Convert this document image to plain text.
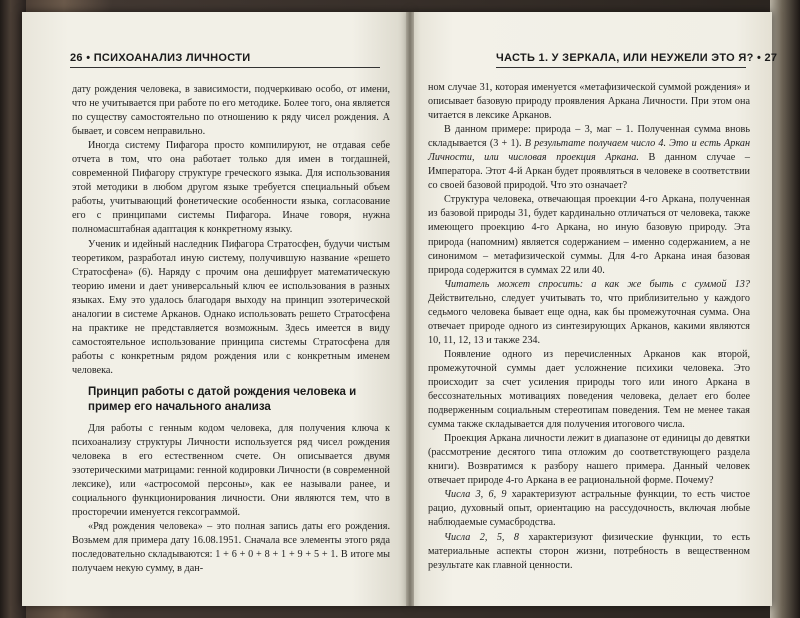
26 • ПСИХОАНАЛИЗ ЛИЧНОСТИ	ЧАСТЬ 1. У ЗЕРКАЛА, ИЛИ НЕУЖЕЛИ ЭТО Я? • 27

дату рождения человека, в зависимости, подчеркиваю особо, от имени, что не учитывается при работе по его методике. Более того, она является по существу самостоятельно по отношению к ряду чисел рождения. А бывает, и совсем неправильно.

Иногда систему Пифагора просто компилируют, не отдавая себе отчета в том, что она работает только для имен в тогдашней, современной Пифагору структуре греческого языка. Для использования этой методики в любом другом языке требуется специальный объем работы, учитывающий фонетические особенности языка, согласование его с принципами системы Пифагора. Иначе говоря, нужна полномасштабная адаптация к конкретному языку.

Ученик и идейный наследник Пифагора Стратосфен, будучи чистым теоретиком, разработал иную систему, получившую название «решето Стратосфена» (6). Наряду с прочим она дешифрует математическую теорию имени и дает универсальный ключ ее использования в разных языках. Ему это удалось благодаря выходу на принцип эзотерической аналогии в системе Арканов. Однако использовать решето Стратосфена на практике не представляется возможным. Здесь имеется в виду самостоятельное использование принципа системы Стратосфена для работы с конкретным рядом рождения или с конкретным именем человека.

Принцип работы с датой рождения человека и пример его начального анализа

Для работы с генным кодом человека, для получения ключа к психоанализу структуры Личности используется ряд чисел рождения человека в его естественном счете. Он описывается двумя эзотерическими матрицами: генной кодировки Личности (в современной лексике), или «астросомой персоны», как ее называли ранее, и социального функционирования личности. Они являются тем, что в просторечии именуется гексограммой.

«Ряд рождения человека» – это полная запись даты его рождения. Возьмем для примера дату 16.08.1951. Сначала все элементы этого ряда последовательно складываются: 1 + 6 + 0 + 8 + 1 + 9 + 5 + 1. В итоге мы получаем некую сумму, в дан-

ном случае 31, которая именуется «метафизической суммой рождения» и описывает базовую природу проявления Аркана Личности. При этом она читается в лексике Арканов.

В данном примере: природа – 3, маг – 1. Полученная сумма вновь складывается (3 + 1). В результате получаем число 4. Это и есть Аркан Личности, или числовая проекция Аркана. В данном случае – Императора. Этот 4-й Аркан будет проявляться в человеке в соответствии со своей базовой природой. Что это означает?

Структура человека, отвечающая проекции 4-го Аркана, полученная из базовой природы 31, будет кардинально отличаться от человека, также имеющего проекцию 4-го Аркана, но иную базовую природу. Эта природа (напомним) является содержанием – именно содержанием, а не синонимом – метафизической суммы. Для 4-го Аркана иная базовая природа содержится в суммах 22 или 40.

Читатель может спросить: а как же быть с суммой 13? Действительно, следует учитывать то, что приблизительно у каждого седьмого человека бывает еще одна, как бы промежуточная сумма. Она отвечает природе одного из синтезирующих Арканов, какими являются 10, 11, 12, 13 и также 234.

Появление одного из перечисленных Арканов как второй, промежуточной суммы дает усложнение психики человека. Это происходит за счет усиления природы того или иного Аркана в бессознательных мотивациях поведения человека, делает его более подверженным социальным стереотипам поведения. Тем не менее такая сумма также складывается для получения итогового числа.

Проекция Аркана личности лежит в диапазоне от единицы до девятки (рассмотрение десятого типа отложим до соответствующего раздела книги). Возвратимся к разбору нашего примера. Данный человек отвечает природе 4-го Аркана в ее рациональной форме. Почему?

Числа 3, 6, 9 характеризуют астральные функции, то есть чистое рацио, духовный опыт, ориентацию на рассудочность, включая любые наблюдаемые сумасбродства.

Числа 2, 5, 8 характеризуют физические функции, то есть материальные аспекты сторон жизни, потребность в вещественном результате как главной ценности.
